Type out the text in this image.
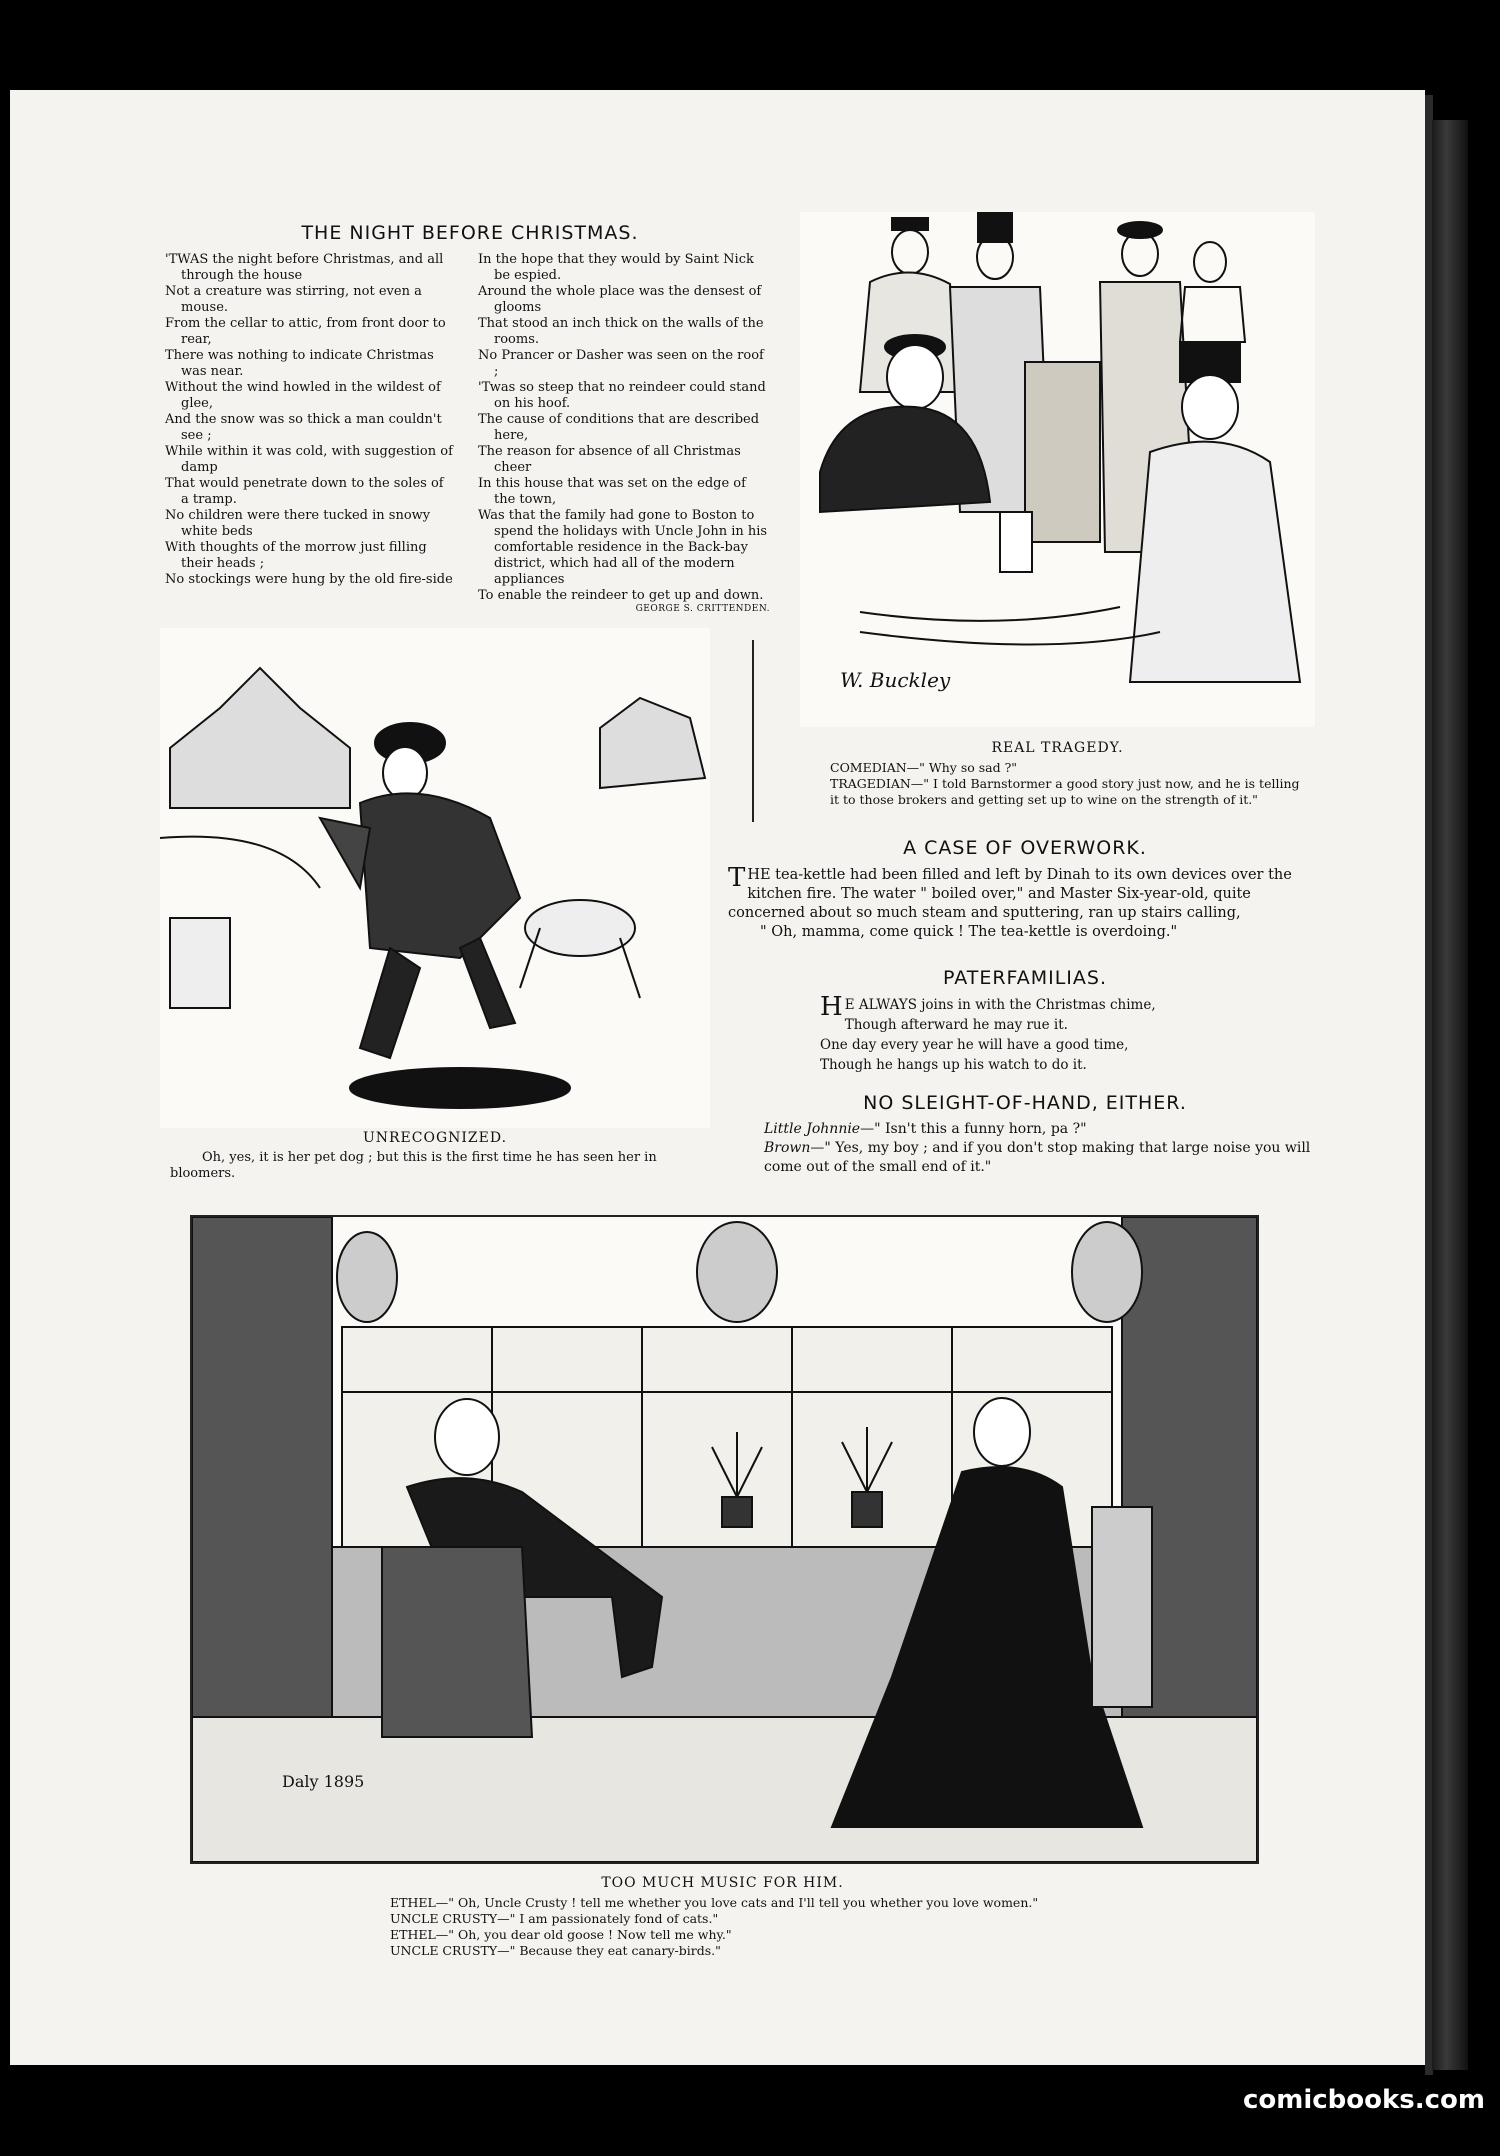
THE NIGHT BEFORE CHRISTMAS.
'TWAS the night before Christmas, and all through the house
Not a creature was stirring, not even a mouse.
From the cellar to attic, from front door to rear,
There was nothing to indicate Christmas was near.
Without the wind howled in the wildest of glee,
And the snow was so thick a man couldn't see ;
While within it was cold, with suggestion of damp
That would penetrate down to the soles of a tramp.
No children were there tucked in snowy white beds
With thoughts of the morrow just filling their heads ;
No stockings were hung by the old fire-side
In the hope that they would by Saint Nick be espied.
Around the whole place was the densest of glooms
That stood an inch thick on the walls of the rooms.
No Prancer or Dasher was seen on the roof ;
'Twas so steep that no reindeer could stand on his hoof.
The cause of conditions that are described here,
The reason for absence of all Christmas cheer
In this house that was set on the edge of the town,
Was that the family had gone to Boston to spend the holidays with Uncle John in his comfortable residence in the Back-bay district, which had all of the modern appliances
To enable the reindeer to get up and down.
GEORGE S. CRITTENDEN.
W. Buckley
REAL TRAGEDY.
COMEDIAN—" Why so sad ?"
TRAGEDIAN—" I told Barnstormer a good story just now, and he is telling it to those brokers and getting set up to wine on the strength of it."
UNRECOGNIZED.
Oh, yes, it is her pet dog ; but this is the first time he has seen her in bloomers.
A CASE OF OVERWORK.
THE tea-kettle had been filled and left by Dinah to its own devices over the kitchen fire. The water " boiled over," and Master Six-year-old, quite concerned about so much steam and sputtering, ran up stairs calling,
" Oh, mamma, come quick ! The tea-kettle is overdoing."
PATERFAMILIAS.
H E ALWAYS joins in with the Christmas chime,
Though afterward he may rue it.
One day every year he will have a good time,
Though he hangs up his watch to do it.
NO SLEIGHT-OF-HAND, EITHER.
Little Johnnie—" Isn't this a funny horn, pa ?"
Brown—" Yes, my boy ; and if you don't stop making that large noise you will come out of the small end of it."
Daly 1895
TOO MUCH MUSIC FOR HIM.
ETHEL—" Oh, Uncle Crusty ! tell me whether you love cats and I'll tell you whether you love women."
UNCLE CRUSTY—" I am passionately fond of cats."
ETHEL—" Oh, you dear old goose ! Now tell me why."
UNCLE CRUSTY—" Because they eat canary-birds."
comicbooks.com
